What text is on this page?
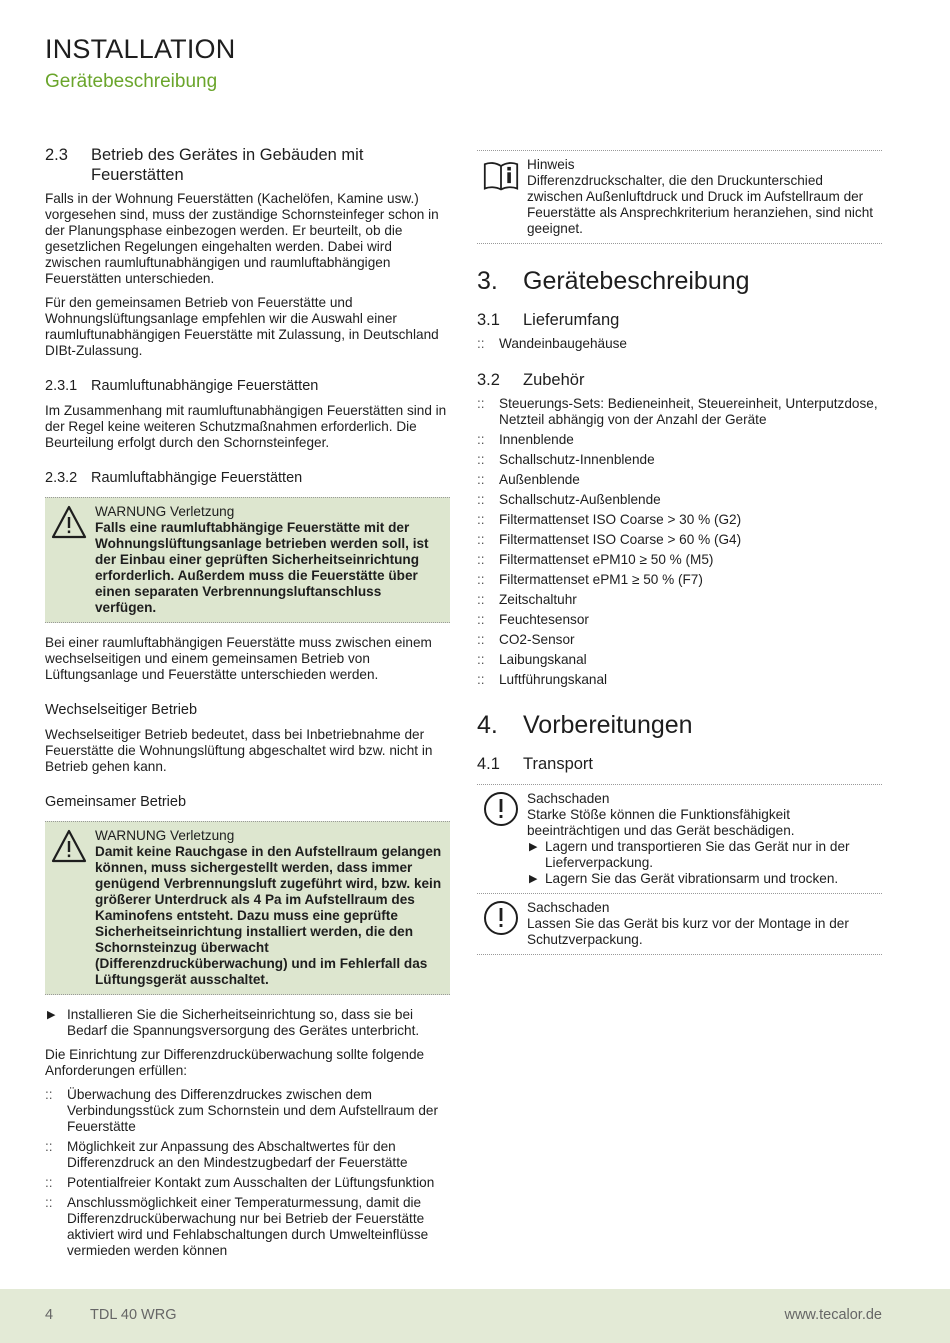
INSTALLATION
Gerätebeschreibung
2.3	Betrieb des Gerätes in Gebäuden mit Feuerstätten

Falls in der Wohnung Feuerstätten (Kachelöfen, Kamine usw.) vorgesehen sind, muss der zuständige Schornsteinfeger schon in der Planungsphase einbezogen werden. Er beurteilt, ob die gesetzlichen Regelungen eingehalten werden. Dabei wird zwischen raumluftunabhängigen und raumluftabhängigen Feuerstätten unterschieden.

Für den gemeinsamen Betrieb von Feuerstätte und Wohnungslüftungsanlage empfehlen wir die Auswahl einer raumluftunabhängigen Feuerstätte mit Zulassung, in Deutschland DIBt-Zulassung.

2.3.1 Raumluftunabhängige Feuerstätten

Im Zusammenhang mit raumluftunabhängigen Feuerstätten sind in der Regel keine weiteren Schutzmaßnahmen erforderlich. Die Beurteilung erfolgt durch den Schornsteinfeger.

2.3.2 Raumluftabhängige Feuerstätten
WARNUNG Verletzung
Falls eine raumluftabhängige Feuerstätte mit der Wohnungslüftungsanlage betrieben werden soll, ist der Einbau einer geprüften Sicherheitseinrichtung erforderlich. Außerdem muss die Feuerstätte über einen separaten Verbrennungsluftanschluss verfügen.

Bei einer raumluftabhängigen Feuerstätte muss zwischen einem wechselseitigen und einem gemeinsamen Betrieb von Lüftungsanlage und Feuerstätte unterschieden werden.

Wechselseitiger Betrieb

Wechselseitiger Betrieb bedeutet, dass bei Inbetriebnahme der Feuerstätte die Wohnungslüftung abgeschaltet wird bzw. nicht in Betrieb gehen kann.

Gemeinsamer Betrieb
WARNUNG Verletzung
Damit keine Rauchgase in den Aufstellraum gelangen können, muss sichergestellt werden, dass immer genügend Verbrennungsluft zugeführt wird, bzw. kein größerer Unterdruck als 4 Pa im Aufstellraum des Kaminofens entsteht. Dazu muss eine geprüfte Sicherheitseinrichtung installiert werden, die den Schornsteinzug überwacht (Differenzdrucküberwachung) und im Fehlerfall das Lüftungsgerät ausschaltet.
▶ Installieren Sie die Sicherheitseinrichtung so, dass sie bei Bedarf die Spannungsversorgung des Gerätes unterbricht.

Die Einrichtung zur Differenzdrucküberwachung sollte folgende Anforderungen erfüllen:

:: Überwachung des Differenzdruckes zwischen dem Verbindungsstück zum Schornstein und dem Aufstellraum der Feuerstätte
:: Möglichkeit zur Anpassung des Abschaltwertes für den Differenzdruck an den Mindestzugbedarf der Feuerstätte
:: Potentialfreier Kontakt zum Ausschalten der Lüftungsfunktion
:: Anschlussmöglichkeit einer Temperaturmessung, damit die Differenzdrucküberwachung nur bei Betrieb der Feuerstätte aktiviert wird und Fehlabschaltungen durch Umwelteinflüsse vermieden werden können
Hinweis
Differenzdruckschalter, die den Druckunterschied zwischen Außenluftdruck und Druck im Aufstellraum der Feuerstätte als Ansprechkriterium heranziehen, sind nicht geeignet.
3.	Gerätebeschreibung
3.1	Lieferumfang
:: Wandeinbaugehäuse
3.2	Zubehör
:: Steuerungs-Sets: Bedieneinheit, Steuereinheit, Unterputzdose, Netzteil abhängig von der Anzahl der Geräte
:: Innenblende
:: Schallschutz-Innenblende
:: Außenblende
:: Schallschutz-Außenblende
:: Filtermattenset ISO Coarse > 30 % (G2)
:: Filtermattenset ISO Coarse > 60 % (G4)
:: Filtermattenset ePM10 ≥ 50 % (M5)
:: Filtermattenset ePM1 ≥ 50 % (F7)
:: Zeitschaltuhr
:: Feuchtesensor
:: CO2-Sensor
:: Laibungskanal
:: Luftführungskanal
4.	Vorbereitungen
4.1	Transport
Sachschaden
Starke Stöße können die Funktionsfähigkeit beeinträchtigen und das Gerät beschädigen.
▶ Lagern und transportieren Sie das Gerät nur in der Lieferverpackung.
▶ Lagern Sie das Gerät vibrationsarm und trocken.
Sachschaden
Lassen Sie das Gerät bis kurz vor der Montage in der Schutzverpackung.
4	TDL 40 WRG	www.tecalor.de
